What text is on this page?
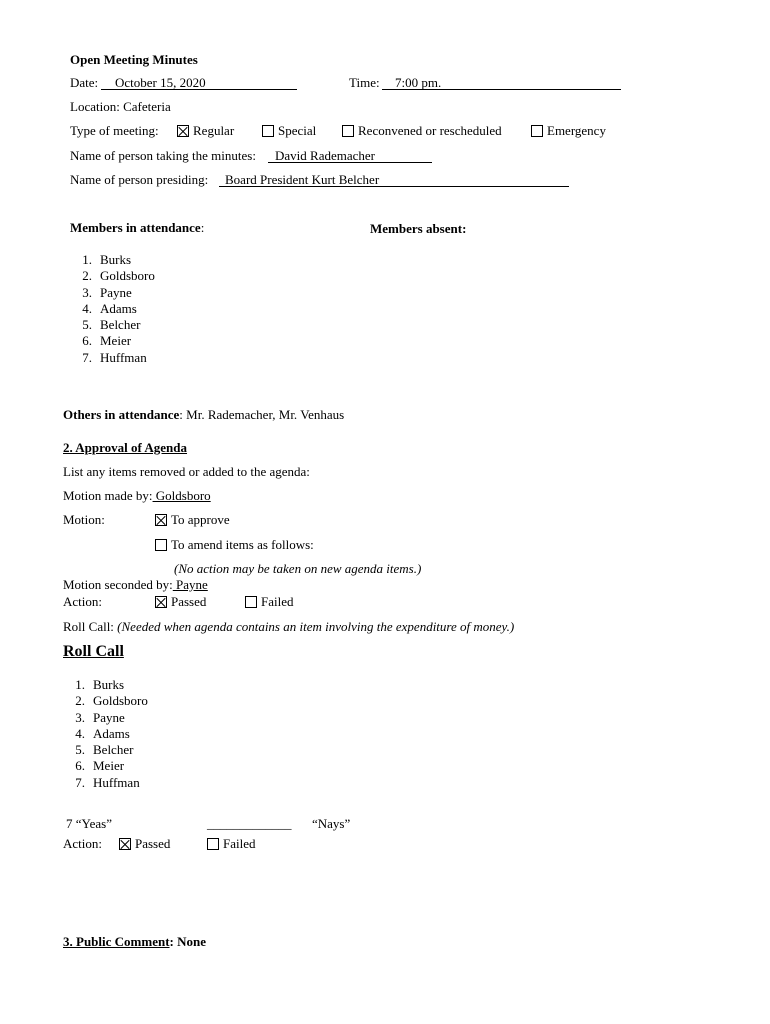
Open Meeting Minutes
Date: October 15, 2020	Time: 7:00 pm.
Location: Cafeteria
Type of meeting:	Regular	Special	Reconvened or rescheduled	Emergency
Name of person taking the minutes: David Rademacher
Name of person presiding: Board President Kurt Belcher
Members in attendance:	Members absent:
1. Burks
2. Goldsboro
3. Payne
4. Adams
5. Belcher
6. Meier
7. Huffman
Others in attendance: Mr. Rademacher, Mr. Venhaus
2. Approval of Agenda
List any items removed or added to the agenda:
Motion made by: Goldsboro
Motion:	To approve
To amend items as follows:
(No action may be taken on new agenda items.)
Motion seconded by: Payne
Action:	Passed	Failed
Roll Call: (Needed when agenda contains an item involving the expenditure of money.)
Roll Call
1. Burks
2. Goldsboro
3. Payne
4. Adams
5. Belcher
6. Meier
7. Huffman
7 “Yeas”	_____________ “Nays”
Action:	Passed	Failed
3. Public Comment: None
